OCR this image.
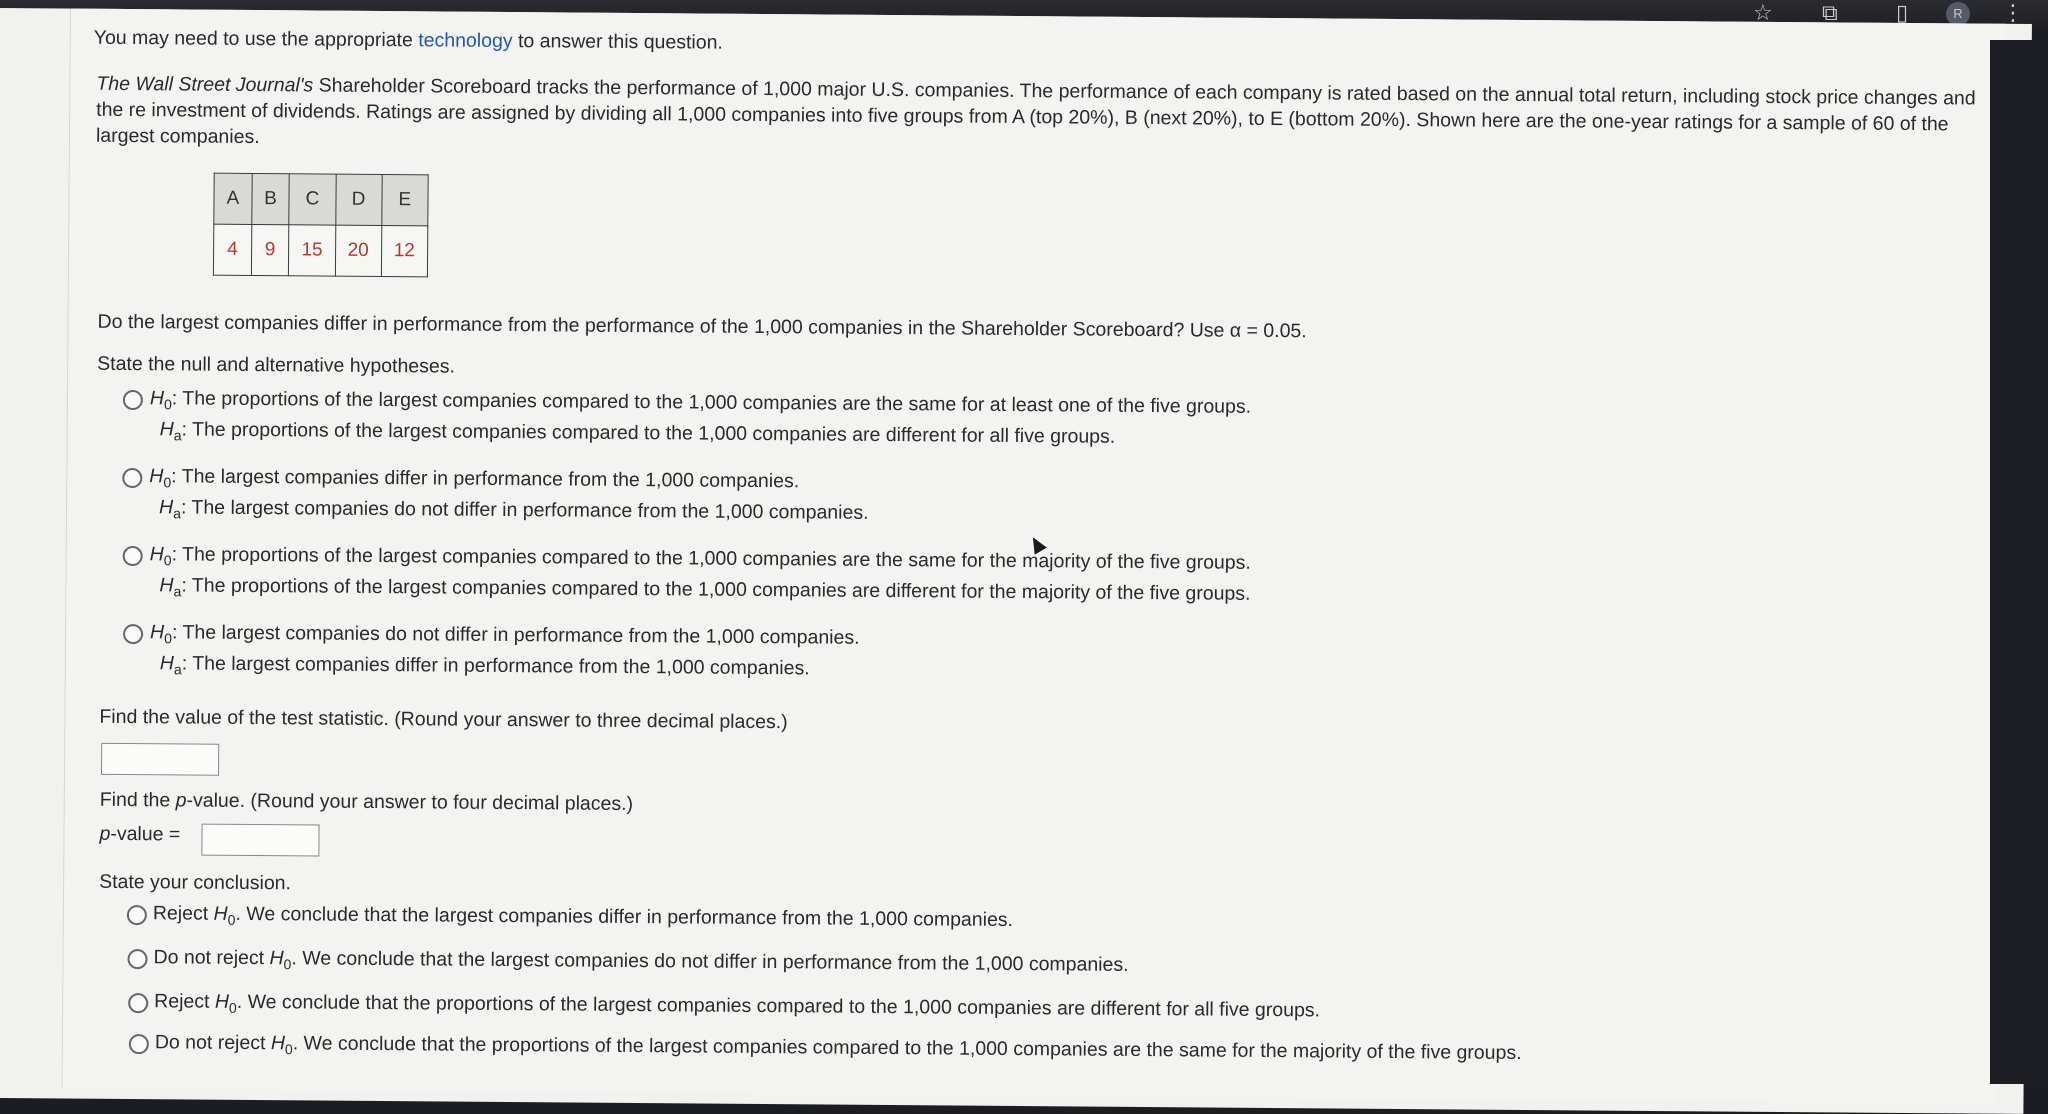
☆ ⧉	▯	R	⋮
You may need to use the appropriate technology to answer this question.
The Wall Street Journal's Shareholder Scoreboard tracks the performance of 1,000 major U.S. companies. The performance of each company is rated based on the annual total return, including stock price changes and the re investment of dividends. Ratings are assigned by dividing all 1,000 companies into five groups from A (top 20%), B (next 20%), to E (bottom 20%). Shown here are the one-year ratings for a sample of 60 of the largest companies.
A	B	C	D	E
4	9	15	20	12
Do the largest companies differ in performance from the performance of the 1,000 companies in the Shareholder Scoreboard? Use α = 0.05.
State the null and alternative hypotheses.
$H_0$: The proportions of the largest companies compared to the 1,000 companies are the same for at least one of the five groups.
$H_a$: The proportions of the largest companies compared to the 1,000 companies are different for all five groups.
$H_0$: The largest companies differ in performance from the 1,000 companies.
$H_a$: The largest companies do not differ in performance from the 1,000 companies.
$H_0$: The proportions of the largest companies compared to the 1,000 companies are the same for the majority of the five groups.
$H_a$: The proportions of the largest companies compared to the 1,000 companies are different for the majority of the five groups.
$H_0$: The largest companies do not differ in performance from the 1,000 companies.
$H_a$: The largest companies differ in performance from the 1,000 companies.
Find the value of the test statistic. (Round your answer to three decimal places.)
Find the p-value. (Round your answer to four decimal places.)
p-value =
State your conclusion.
Reject $H_0$. We conclude that the largest companies differ in performance from the 1,000 companies.
Do not reject $H_0$. We conclude that the largest companies do not differ in performance from the 1,000 companies.
Reject $H_0$. We conclude that the proportions of the largest companies compared to the 1,000 companies are different for all five groups.
Do not reject $H_0$. We conclude that the proportions of the largest companies compared to the 1,000 companies are the same for the majority of the five groups.
